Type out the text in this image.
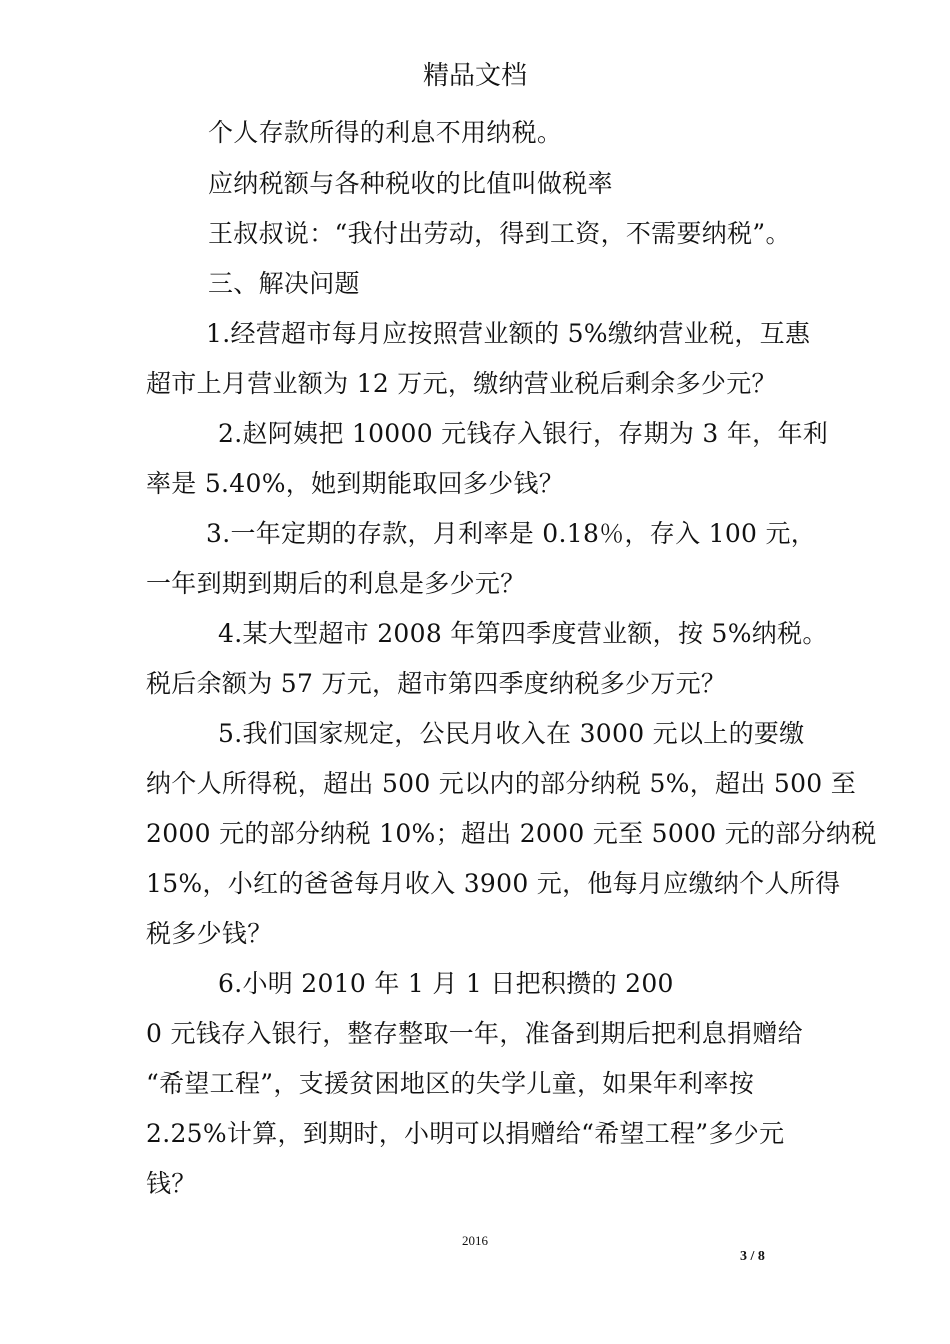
精品文档
个人存款所得的利息不用纳税。
应纳税额与各种税收的比值叫做税率
王叔叔说：“我付出劳动，得到工资，不需要纳税”。
三、解决问题
1.经营超市每月应按照营业额的 5%缴纳营业税，互惠
超市上月营业额为 12 万元，缴纳营业税后剩余多少元？
2.赵阿姨把 10000 元钱存入银行，存期为 3 年，年利
率是 5.40%，她到期能取回多少钱？
3.一年定期的存款，月利率是 0.18％，存入 100 元，
一年到期到期后的利息是多少元？
4.某大型超市 2008 年第四季度营业额，按 5%纳税。
税后余额为 57 万元，超市第四季度纳税多少万元？
5.我们国家规定，公民月收入在 3000 元以上的要缴
纳个人所得税，超出 500 元以内的部分纳税 5%，超出 500 至
2000 元的部分纳税 10%；超出 2000 元至 5000 元的部分纳税
15%，小红的爸爸每月收入 3900 元，他每月应缴纳个人所得
税多少钱？
6.小明 2010 年 1 月 1 日把积攒的 200
0 元钱存入银行，整存整取一年，准备到期后把利息捐赠给
“希望工程”，支援贫困地区的失学儿童，如果年利率按
2.25%计算，到期时，小明可以捐赠给“希望工程”多少元
钱？
2016
3 / 8
